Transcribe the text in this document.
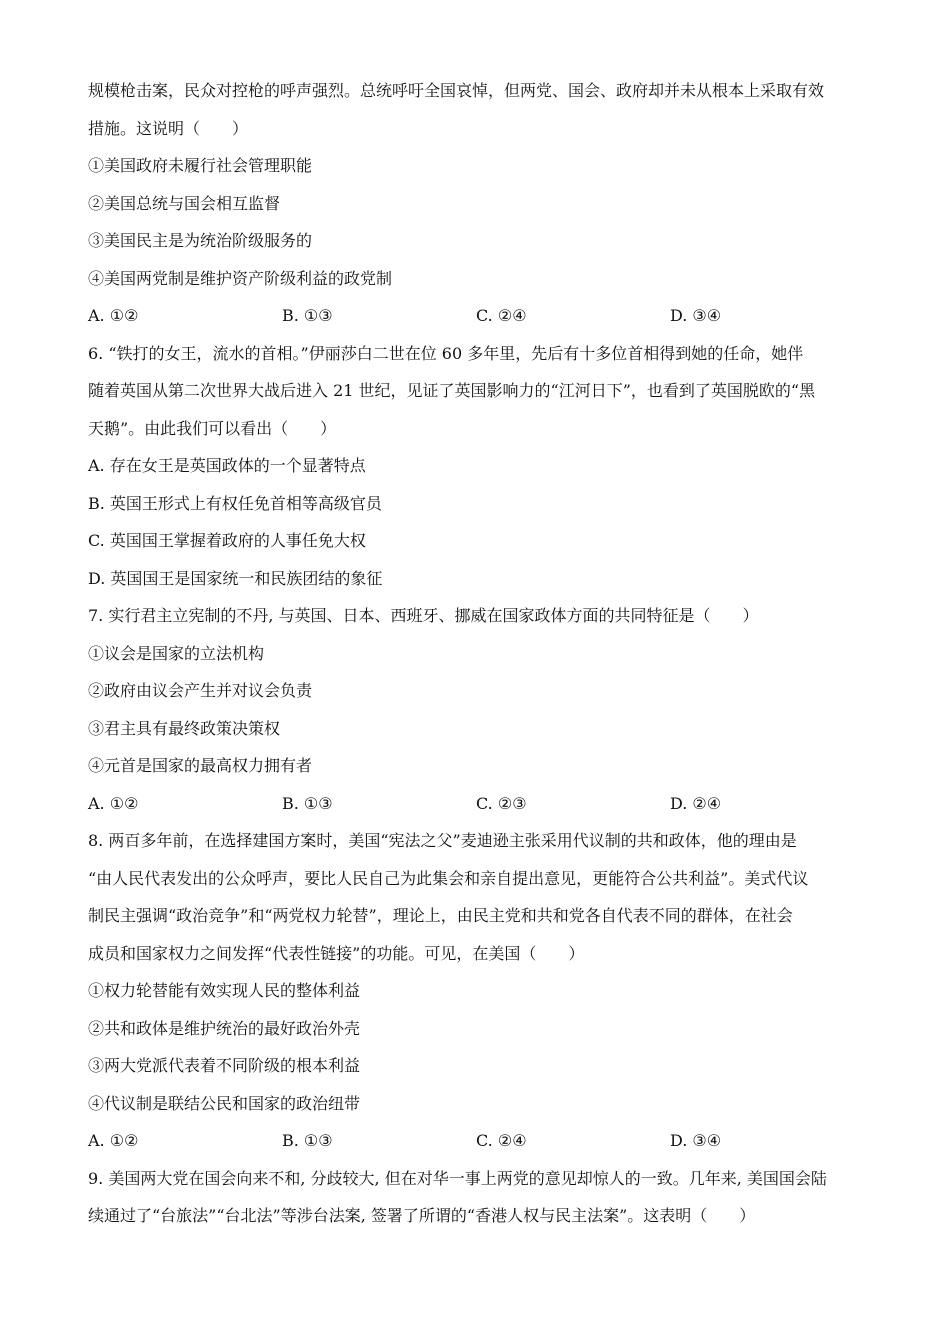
规模枪击案，民众对控枪的呼声强烈。总统呼吁全国哀悼，但两党、国会、政府却并未从根本上采取有效
措施。这说明（　　）
①美国政府未履行社会管理职能
②美国总统与国会相互监督
③美国民主是为统治阶级服务的
④美国两党制是维护资产阶级利益的政党制
A. ①②	B. ①③	C. ②④	D. ③④
6. “铁打的女王，流水的首相。”伊丽莎白二世在位 60 多年里，先后有十多位首相得到她的任命，她伴
随着英国从第二次世界大战后进入 21 世纪，见证了英国影响力的“江河日下”，也看到了英国脱欧的“黑
天鹅”。由此我们可以看出（　　）
A. 存在女王是英国政体的一个显著特点
B. 英国王形式上有权任免首相等高级官员
C. 英国国王掌握着政府的人事任免大权
D. 英国国王是国家统一和民族团结的象征
7. 实行君主立宪制的不丹, 与英国、日本、西班牙、挪威在国家政体方面的共同特征是（　　）
①议会是国家的立法机构
②政府由议会产生并对议会负责
③君主具有最终政策决策权
④元首是国家的最高权力拥有者
A. ①②	B. ①③	C. ②③	D. ②④
8. 两百多年前，在选择建国方案时，美国“宪法之父”麦迪逊主张采用代议制的共和政体，他的理由是
“由人民代表发出的公众呼声，要比人民自己为此集会和亲自提出意见，更能符合公共利益”。美式代议
制民主强调“政治竞争”和“两党权力轮替”，理论上，由民主党和共和党各自代表不同的群体，在社会
成员和国家权力之间发挥“代表性链接”的功能。可见，在美国（　　）
①权力轮替能有效实现人民的整体利益
②共和政体是维护统治的最好政治外壳
③两大党派代表着不同阶级的根本利益
④代议制是联结公民和国家的政治纽带
A. ①②	B. ①③	C. ②④	D. ③④
9. 美国两大党在国会向来不和, 分歧较大, 但在对华一事上两党的意见却惊人的一致。几年来, 美国国会陆
续通过了“台旅法”“台北法”等涉台法案, 签署了所谓的“香港人权与民主法案”。这表明（　　）
